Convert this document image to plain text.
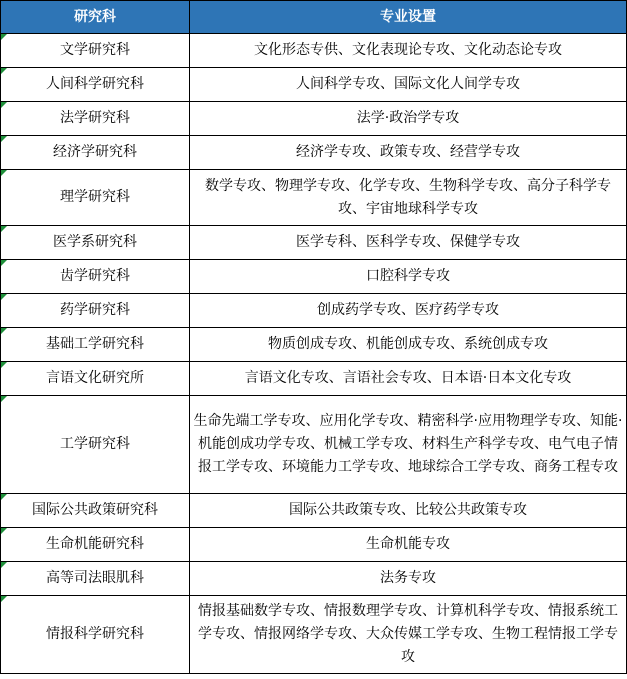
研究科	专业设置
文学研究科	文化形态专供、文化表现论专攻、文化动态论专攻
人间科学研究科	人间科学专攻、国际文化人间学专攻
法学研究科	法学·政治学专攻
经济学研究科	经济学专攻、政策专攻、经营学专攻
理学研究科	数学专攻、物理学专攻、化学专攻、生物科学专攻、高分子科学专攻、宇宙地球科学专攻
医学系研究科	医学专科、医科学专攻、保健学专攻
齿学研究科	口腔科学专攻
药学研究科	创成药学专攻、医疗药学专攻
基础工学研究科	物质创成专攻、机能创成专攻、系统创成专攻
言语文化研究所	言语文化专攻、言语社会专攻、日本语·日本文化专攻
工学研究科	生命先端工学专攻、应用化学专攻、精密科学·应用物理学专攻、知能·机能创成功学专攻、机械工学专攻、材料生产科学专攻、电气电子情报工学专攻、环境能力工学专攻、地球综合工学专攻、商务工程专攻
国际公共政策研究科	国际公共政策专攻、比较公共政策专攻
生命机能研究科	生命机能专攻
高等司法眼肌科	法务专攻
情报科学研究科	情报基础数学专攻、情报数理学专攻、计算机科学专攻、情报系统工学专攻、情报网络学专攻、大众传媒工学专攻、生物工程情报工学专攻
